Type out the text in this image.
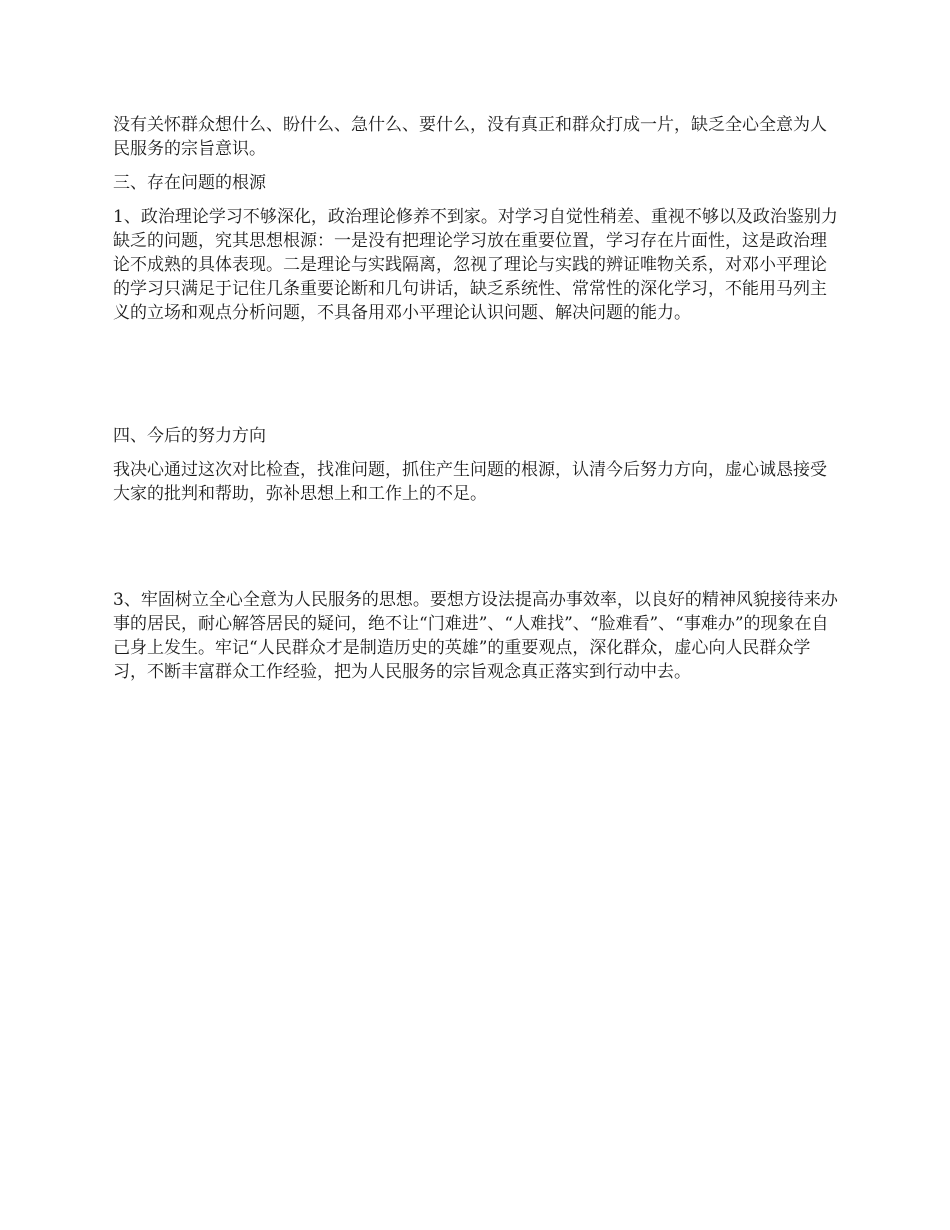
没有关怀群众想什么、盼什么、急什么、要什么，没有真正和群众打成一片，缺乏全心全意为人民服务的宗旨意识。
三、存在问题的根源
1、政治理论学习不够深化，政治理论修养不到家。对学习自觉性稍差、重视不够以及政治鉴别力缺乏的问题，究其思想根源：一是没有把理论学习放在重要位置，学习存在片面性，这是政治理论不成熟的具体表现。二是理论与实践隔离，忽视了理论与实践的辨证唯物关系，对邓小平理论的学习只满足于记住几条重要论断和几句讲话，缺乏系统性、常常性的深化学习，不能用马列主义的立场和观点分析问题，不具备用邓小平理论认识问题、解决问题的能力。
四、今后的努力方向
我决心通过这次对比检查，找准问题，抓住产生问题的根源，认清今后努力方向，虚心诚恳接受大家的批判和帮助，弥补思想上和工作上的不足。
3、牢固树立全心全意为人民服务的思想。要想方设法提高办事效率，以良好的精神风貌接待来办事的居民，耐心解答居民的疑问，绝不让“门难进”、“人难找”、“脸难看”、“事难办”的现象在自己身上发生。牢记“人民群众才是制造历史的英雄”的重要观点，深化群众，虚心向人民群众学习，不断丰富群众工作经验，把为人民服务的宗旨观念真正落实到行动中去。
